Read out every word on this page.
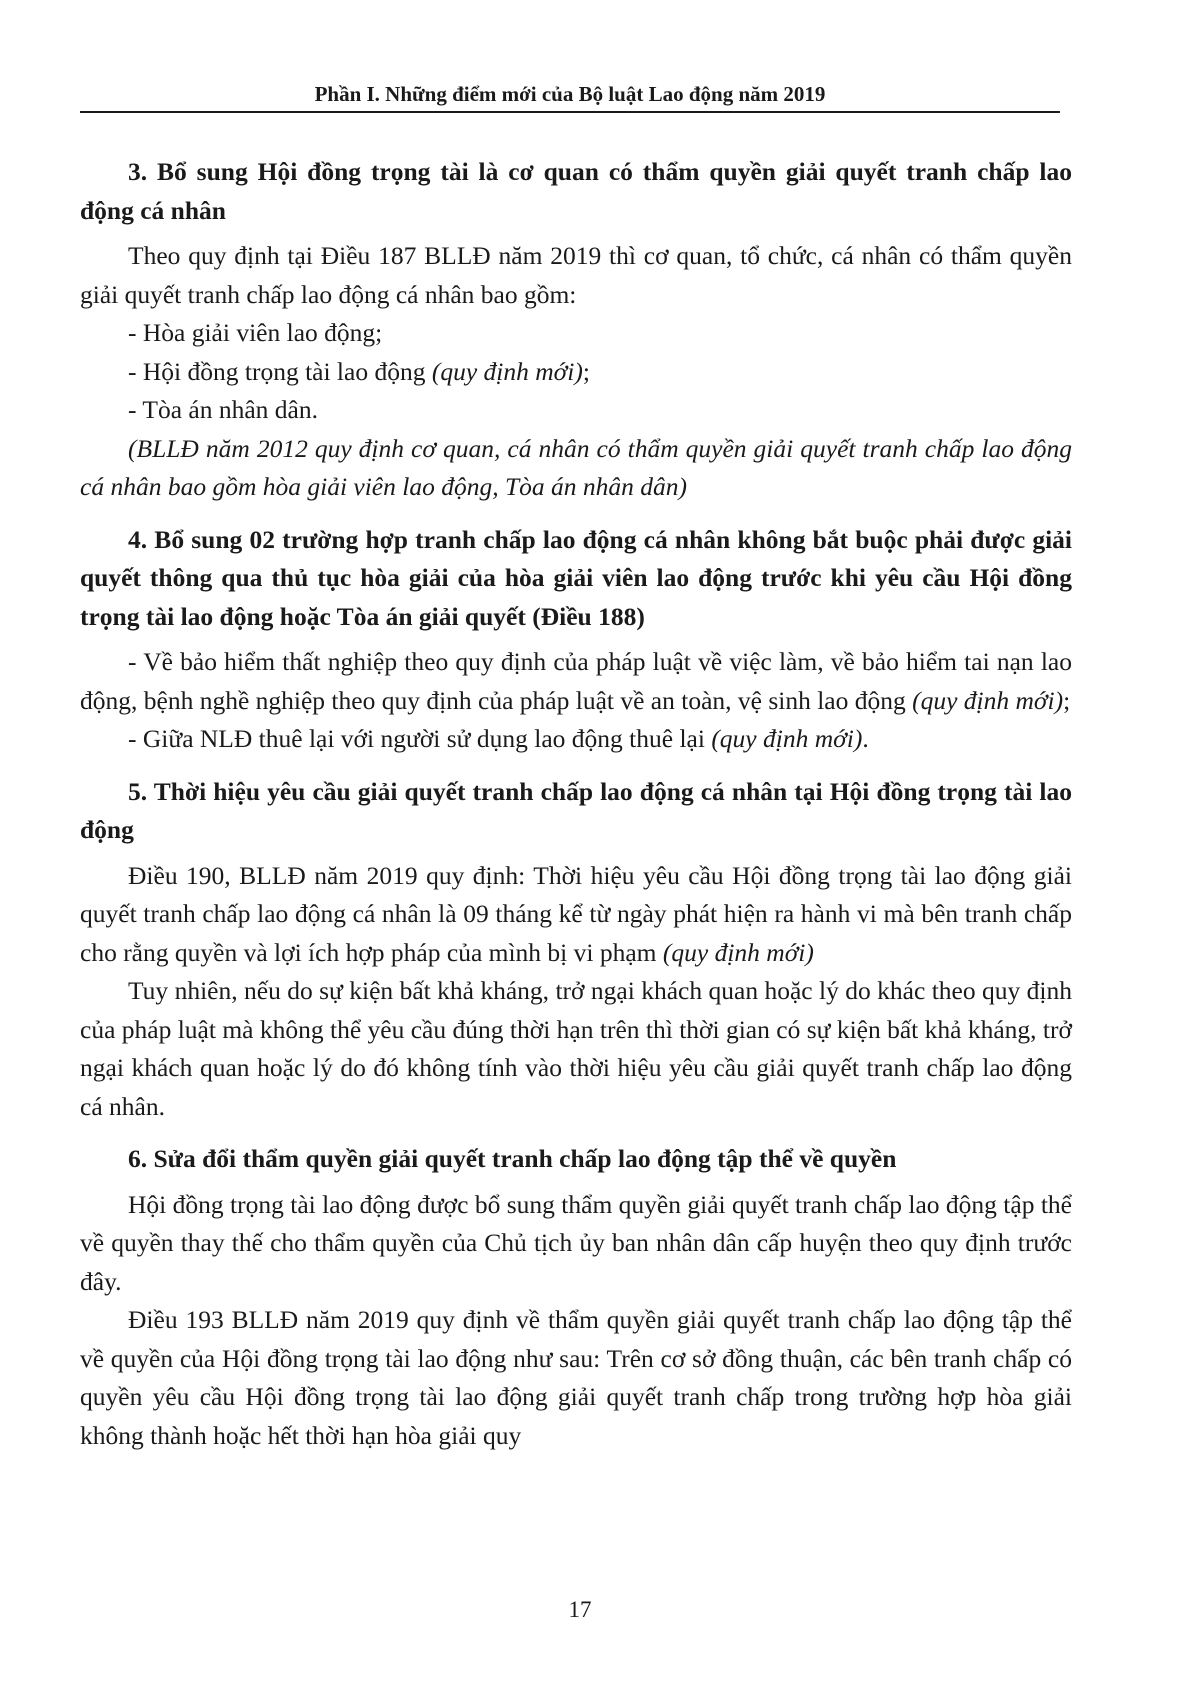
Phần I. Những điểm mới của Bộ luật Lao động năm 2019

3. Bổ sung Hội đồng trọng tài là cơ quan có thẩm quyền giải quyết tranh chấp lao động cá nhân

Theo quy định tại Điều 187 BLLĐ năm 2019 thì cơ quan, tổ chức, cá nhân có thẩm quyền giải quyết tranh chấp lao động cá nhân bao gồm:

- Hòa giải viên lao động;

- Hội đồng trọng tài lao động (quy định mới);

- Tòa án nhân dân.

(BLLĐ năm 2012 quy định cơ quan, cá nhân có thẩm quyền giải quyết tranh chấp lao động cá nhân bao gồm hòa giải viên lao động, Tòa án nhân dân)

4. Bổ sung 02 trường hợp tranh chấp lao động cá nhân không bắt buộc phải được giải quyết thông qua thủ tục hòa giải của hòa giải viên lao động trước khi yêu cầu Hội đồng trọng tài lao động hoặc Tòa án giải quyết (Điều 188)

- Về bảo hiểm thất nghiệp theo quy định của pháp luật về việc làm, về bảo hiểm tai nạn lao động, bệnh nghề nghiệp theo quy định của pháp luật về an toàn, vệ sinh lao động (quy định mới);

- Giữa NLĐ thuê lại với người sử dụng lao động thuê lại (quy định mới).

5. Thời hiệu yêu cầu giải quyết tranh chấp lao động cá nhân tại Hội đồng trọng tài lao động

Điều 190, BLLĐ năm 2019 quy định: Thời hiệu yêu cầu Hội đồng trọng tài lao động giải quyết tranh chấp lao động cá nhân là 09 tháng kể từ ngày phát hiện ra hành vi mà bên tranh chấp cho rằng quyền và lợi ích hợp pháp của mình bị vi phạm (quy định mới)

Tuy nhiên, nếu do sự kiện bất khả kháng, trở ngại khách quan hoặc lý do khác theo quy định của pháp luật mà không thể yêu cầu đúng thời hạn trên thì thời gian có sự kiện bất khả kháng, trở ngại khách quan hoặc lý do đó không tính vào thời hiệu yêu cầu giải quyết tranh chấp lao động cá nhân.

6. Sửa đổi thẩm quyền giải quyết tranh chấp lao động tập thể về quyền

Hội đồng trọng tài lao động được bổ sung thẩm quyền giải quyết tranh chấp lao động tập thể về quyền thay thế cho thẩm quyền của Chủ tịch ủy ban nhân dân cấp huyện theo quy định trước đây.

Điều 193 BLLĐ năm 2019 quy định về thẩm quyền giải quyết tranh chấp lao động tập thể về quyền của Hội đồng trọng tài lao động như sau: Trên cơ sở đồng thuận, các bên tranh chấp có quyền yêu cầu Hội đồng trọng tài lao động giải quyết tranh chấp trong trường hợp hòa giải không thành hoặc hết thời hạn hòa giải quy

17
